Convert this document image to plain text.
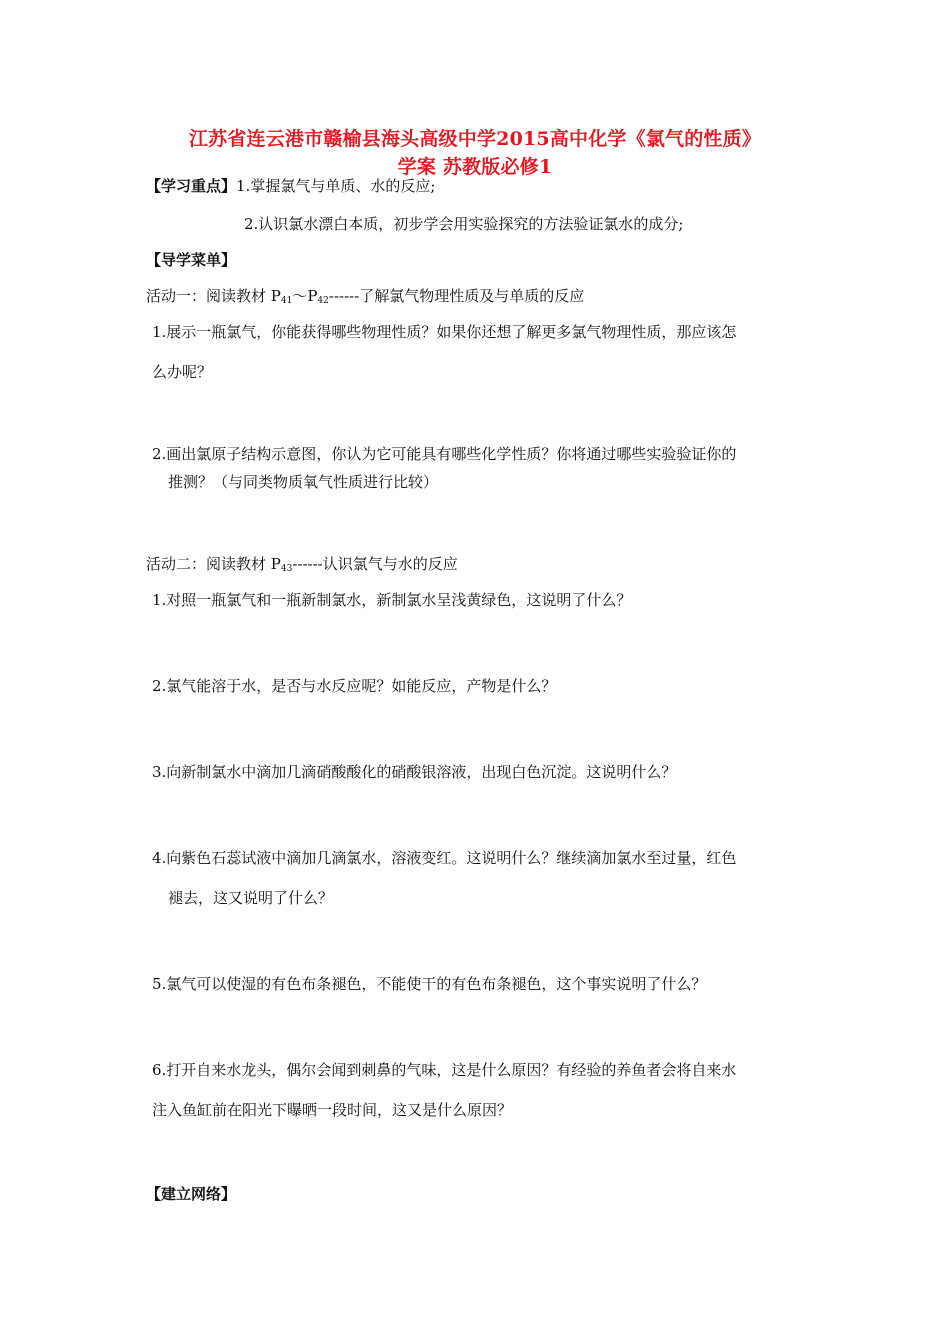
江苏省连云港市赣榆县海头高级中学2015高中化学《氯气的性质》
学案 苏教版必修1
【学习重点】1.掌握氯气与单质、水的反应;
2.认识氯水漂白本质，初步学会用实验探究的方法验证氯水的成分;
【导学菜单】
活动一：阅读教材 $P_{41}\sim P_{42}------$了解氯气物理性质及与单质的反应
1.展示一瓶氯气，你能获得哪些物理性质？如果你还想了解更多氯气物理性质，那应该怎
么办呢？
2.画出氯原子结构示意图，你认为它可能具有哪些化学性质？你将通过哪些实验验证你的
推测？（与同类物质氧气性质进行比较）
活动二：阅读教材 $P_{43}------$认识氯气与水的反应
1.对照一瓶氯气和一瓶新制氯水，新制氯水呈浅黄绿色，这说明了什么？
2.氯气能溶于水，是否与水反应呢？如能反应，产物是什么？
3.向新制氯水中滴加几滴硝酸酸化的硝酸银溶液，出现白色沉淀。这说明什么？
4.向紫色石蕊试液中滴加几滴氯水，溶液变红。这说明什么？继续滴加氯水至过量，红色
褪去，这又说明了什么？
5.氯气可以使湿的有色布条褪色，不能使干的有色布条褪色，这个事实说明了什么？
6.打开自来水龙头，偶尔会闻到刺鼻的气味，这是什么原因？有经验的养鱼者会将自来水
注入鱼缸前在阳光下曝晒一段时间，这又是什么原因？
【建立网络】
